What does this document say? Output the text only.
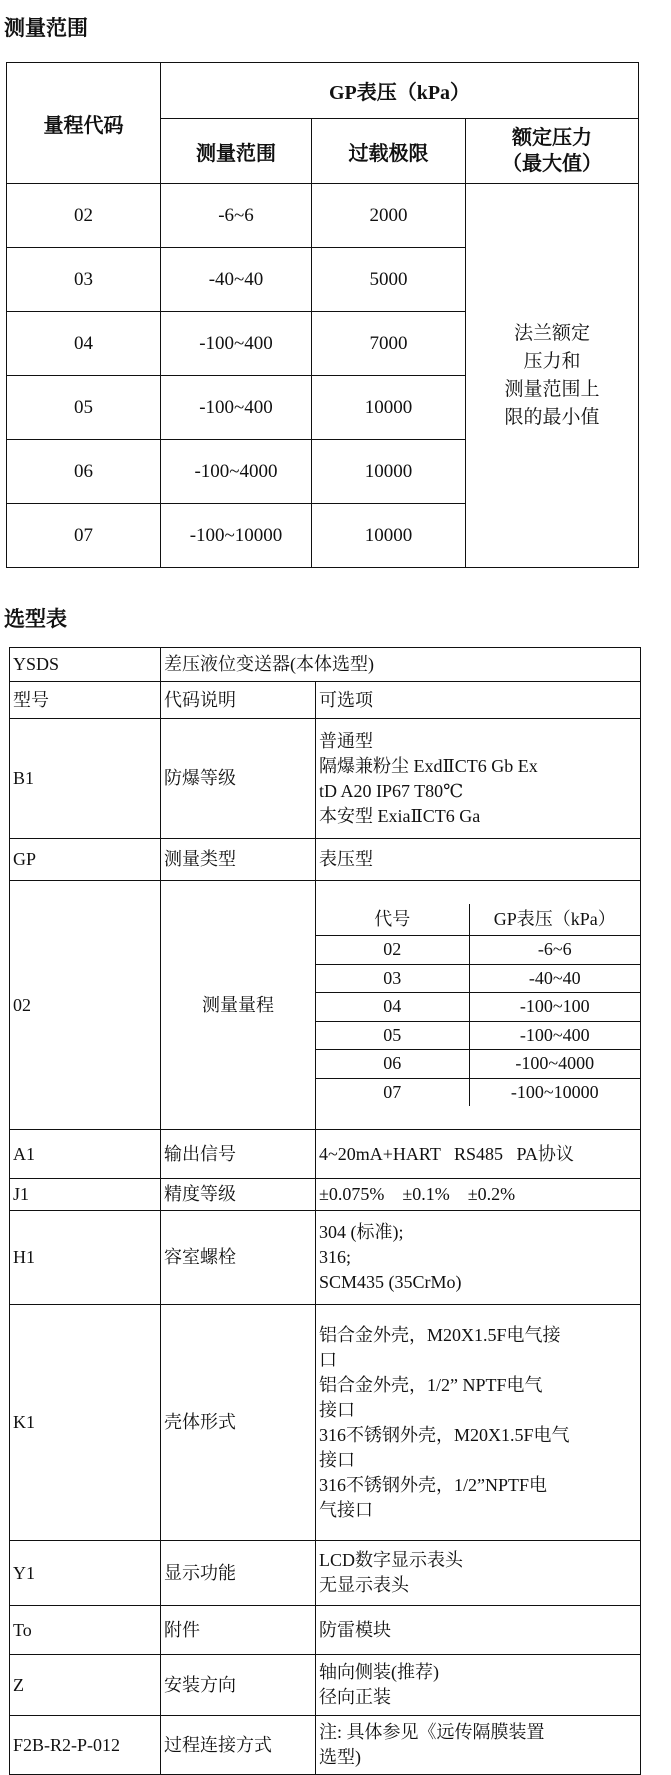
测量范围
量程代码	GP表压（kPa）		
	测量范围	过载极限	额定压力
（最大值）
02	-6~6	2000	法兰额定
压力和
测量范围上
限的最小值
03	-40~40	5000	
04	-100~400	7000	
05	-100~400	10000	
06	-100~4000	10000	
07	-100~10000	10000	
选型表
YSDS	差压液位变送器(本体选型)
型号	代码说明	可选项
B1	防爆等级	普通型
隔爆兼粉尘 ExdⅡCT6 Gb Ex
tD A20 IP67 T80℃
本安型 ExiaⅡCT6 Ga
GP	测量类型	表压型
02	测量量程	
代号	GP表压（kPa）
02	-6~6
03	-40~40
04	-100~100
05	-100~400
06	-100~4000
07	-100~10000

A1	输出信号	4~20mA+HART   RS485   PA协议
J1	精度等级	±0.075%    ±0.1%    ±0.2%
H1	容室螺栓	304 (标准);
316;
SCM435 (35CrMo)
K1	壳体形式	铝合金外壳，M20X1.5F电气接
口
铝合金外壳，1/2” NPTF电气
接口
316不锈钢外壳，M20X1.5F电气
接口
316不锈钢外壳，1/2”NPTF电
气接口
Y1	显示功能	LCD数字显示表头
无显示表头
To	附件	防雷模块
Z	安装方向	轴向侧装(推荐)
径向正装
F2B-R2-P-012	过程连接方式	注: 具体参见《远传隔膜装置
选型)
